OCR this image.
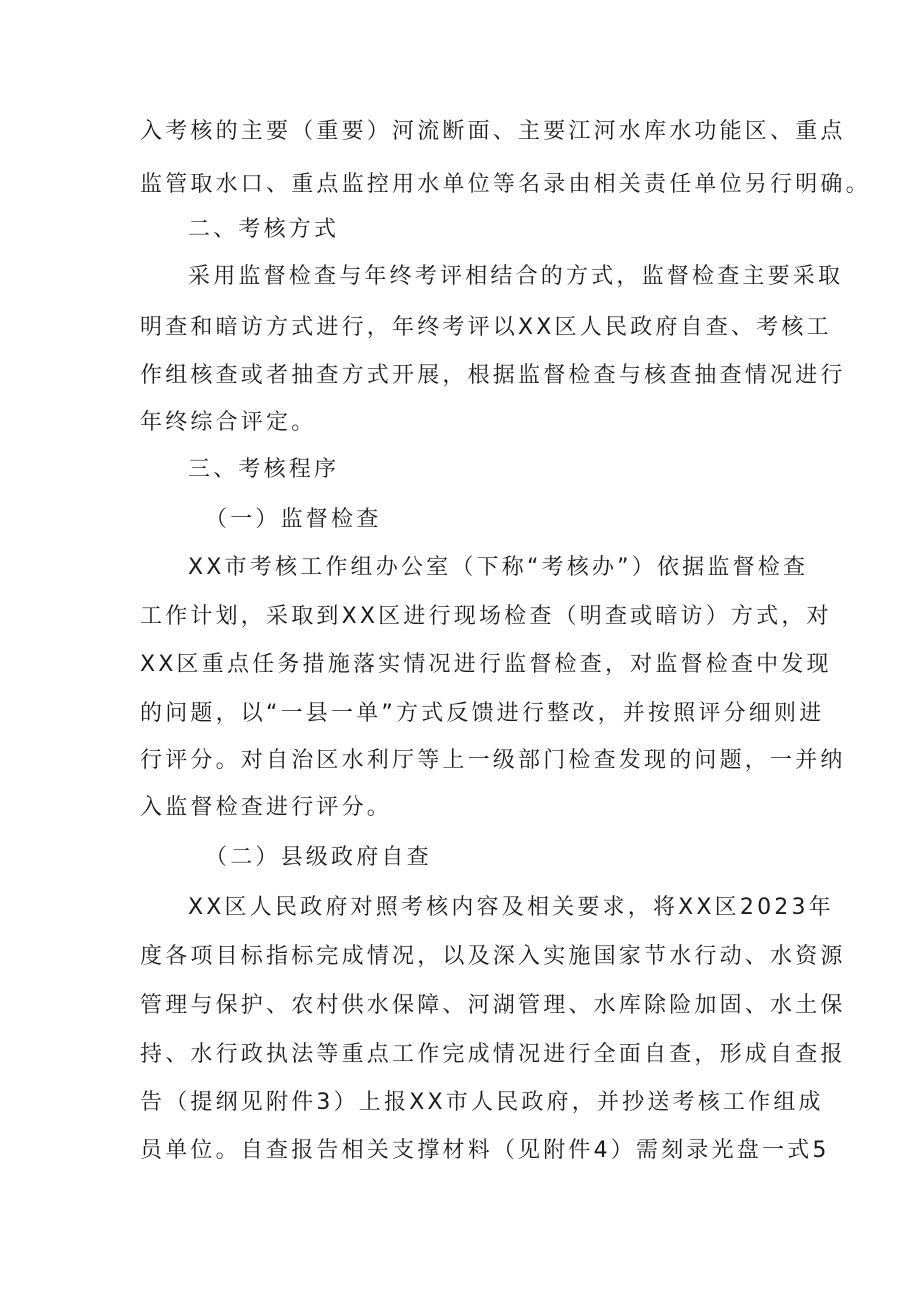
入考核的主要（重要）河流断面、主要江河水库水功能区、重点
监管取水口、重点监控用水单位等名录由相关责任单位另行明确。
二、考核方式
采用监督检查与年终考评相结合的方式，监督检查主要采取
明查和暗访方式进行，年终考评以XX区人民政府自查、考核工
作组核查或者抽查方式开展，根据监督检查与核查抽查情况进行
年终综合评定。
三、考核程序
（一）监督检查
XX市考核工作组办公室（下称“考核办”）依据监督检查
工作计划，采取到XX区进行现场检查（明查或暗访）方式，对
XX区重点任务措施落实情况进行监督检查，对监督检查中发现
的问题，以“一县一单”方式反馈进行整改，并按照评分细则进
行评分。对自治区水利厅等上一级部门检查发现的问题，一并纳
入监督检查进行评分。
（二）县级政府自查
XX区人民政府对照考核内容及相关要求，将XX区2023年
度各项目标指标完成情况，以及深入实施国家节水行动、水资源
管理与保护、农村供水保障、河湖管理、水库除险加固、水土保
持、水行政执法等重点工作完成情况进行全面自查，形成自查报
告（提纲见附件3）上报XX市人民政府，并抄送考核工作组成
员单位。自查报告相关支撑材料（见附件4）需刻录光盘一式5
